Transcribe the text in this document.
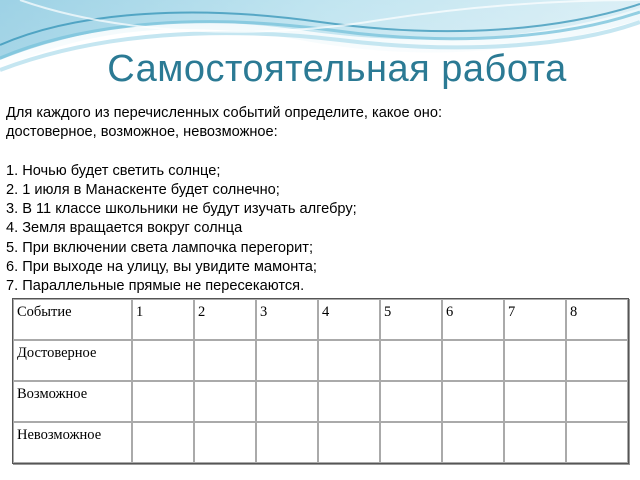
Самостоятельная работа

Для каждого из перечисленных событий определите, какое оно:

достоверное, возможное, невозможное:

1. Ночью будет светить солнце;

2. 1 июля в Манаскенте будет солнечно;

3. В 11 классе школьники не будут изучать алгебру;

4. Земля вращается вокруг солнца

5. При включении света лампочка перегорит;

6. При выходе на улицу, вы увидите мамонта;

7. Параллельные прямые не пересекаются.

Событие	1	2	3	4	5	6	7	8
Достоверное								
Возможное								
Невозможное								
